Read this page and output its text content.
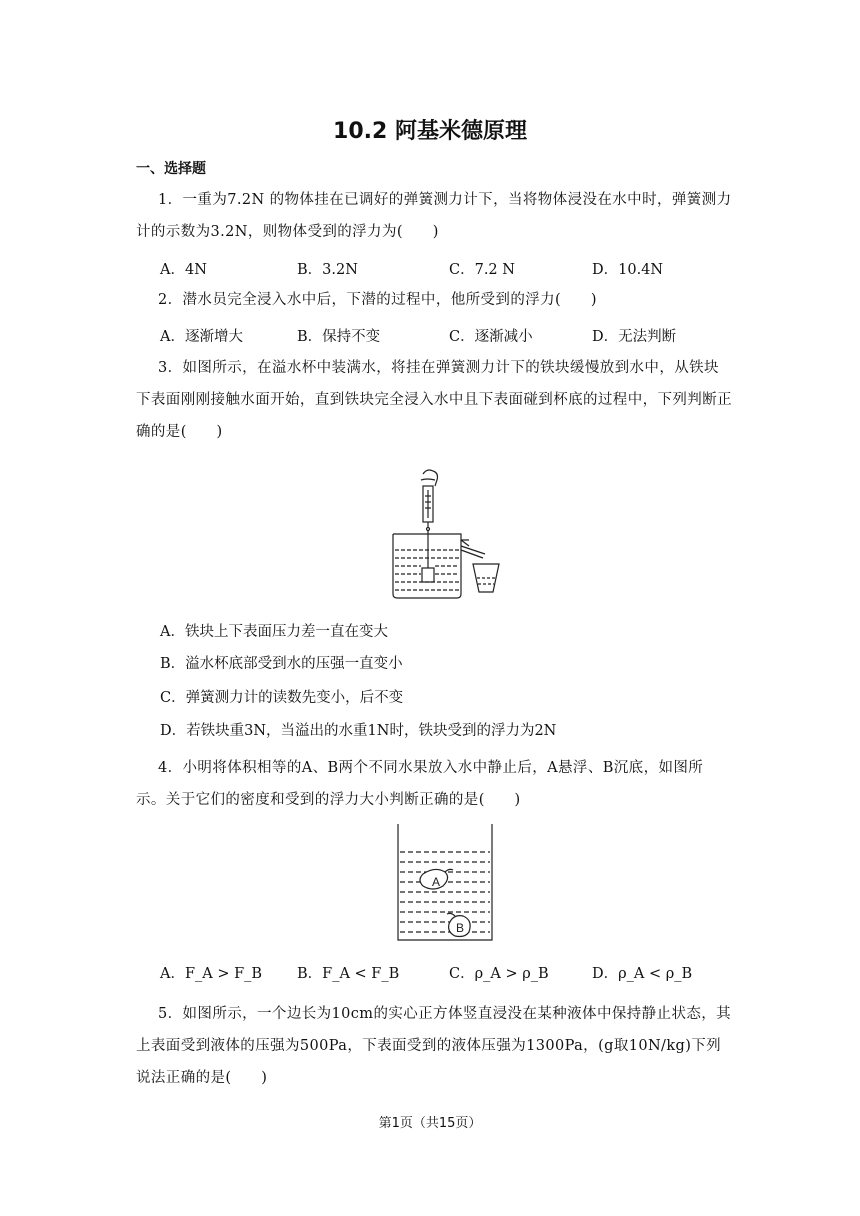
10.2 阿基米德原理
一、选择题
1．一重为7.2N 的物体挂在已调好的弹簧测力计下，当将物体浸没在水中时，弹簧测力
计的示数为3.2N，则物体受到的浮力为(　　)
A．4N	B．3.2N	C．7.2 N	D．10.4N
2．潜水员完全浸入水中后，下潜的过程中，他所受到的浮力(　　)
A．逐渐增大	B．保持不变	C．逐渐减小	D．无法判断
3．如图所示，在溢水杯中装满水，将挂在弹簧测力计下的铁块缓慢放到水中，从铁块
下表面刚刚接触水面开始，直到铁块完全浸入水中且下表面碰到杯底的过程中，下列判断正
确的是(　　)
A．铁块上下表面压力差一直在变大
B．溢水杯底部受到水的压强一直变小
C．弹簧测力计的读数先变小，后不变
D．若铁块重3N，当溢出的水重1N时，铁块受到的浮力为2N
4．小明将体积相等的A、B两个不同水果放入水中静止后，A悬浮、B沉底，如图所
示。关于它们的密度和受到的浮力大小判断正确的是(　　)
A
B
A．F_A > F_B B．F_A < F_B	C．ρ_A > ρ_B	D．ρ_A < ρ_B
5．如图所示，一个边长为10cm的实心正方体竖直浸没在某种液体中保持静止状态，其
上表面受到液体的压强为500Pa，下表面受到的液体压强为1300Pa，(g取10N/kg)下列
说法正确的是(　　)
第1页（共15页）
